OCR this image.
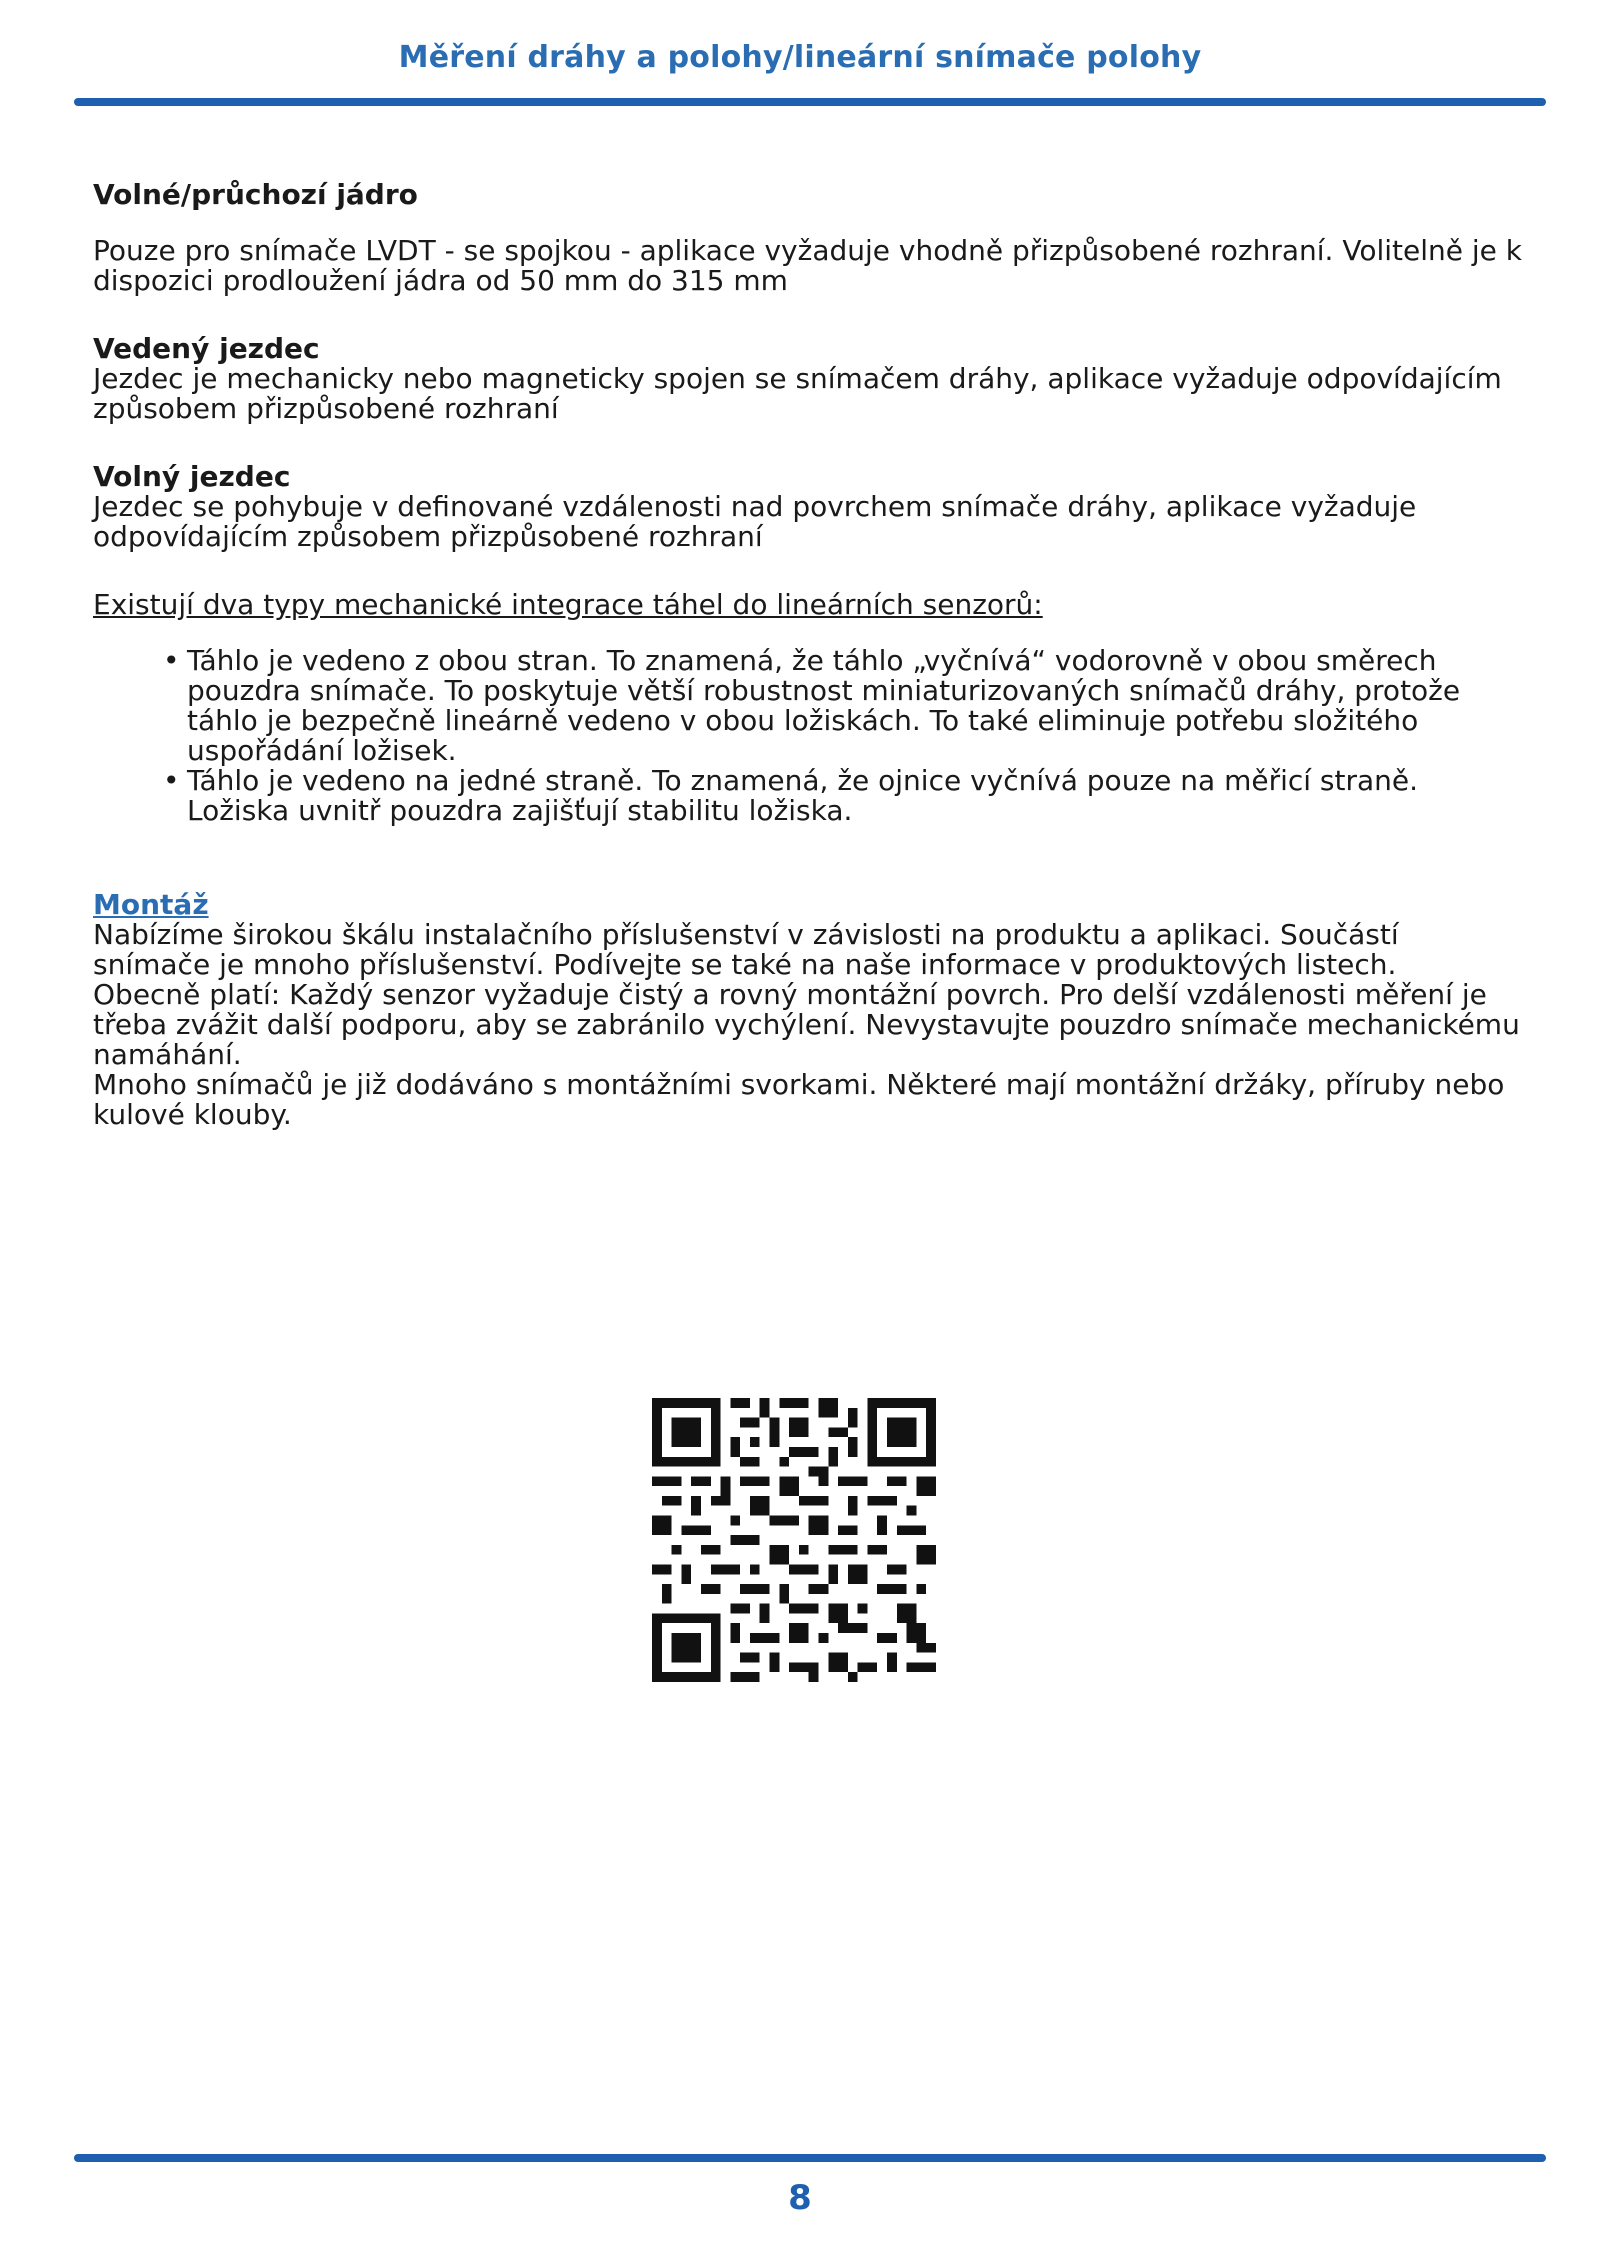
Měření dráhy a polohy/lineární snímače polohy

Volné/průchozí jádro

Pouze pro snímače LVDT - se spojkou - aplikace vyžaduje vhodně přizpůsobené rozhraní. Volitelně je k dispozici prodloužení jádra od 50 mm do 315 mm

Vedený jezdec

Jezdec je mechanicky nebo magneticky spojen se snímačem dráhy, aplikace vyžaduje odpovídajícím způsobem přizpůsobené rozhraní

Volný jezdec

Jezdec se pohybuje v definované vzdálenosti nad povrchem snímače dráhy, aplikace vyžaduje odpovídajícím způsobem přizpůsobené rozhraní

Existují dva typy mechanické integrace táhel do lineárních senzorů:

• Táhlo je vedeno z obou stran. To znamená, že táhlo „vyčnívá“ vodorovně v obou směrech pouzdra snímače. To poskytuje větší robustnost miniaturizovaných snímačů dráhy, protože táhlo je bezpečně lineárně vedeno v obou ložiskách. To také eliminuje potřebu složitého uspořádání ložisek.
• Táhlo je vedeno na jedné straně. To znamená, že ojnice vyčnívá pouze na měřicí straně. Ložiska uvnitř pouzdra zajišťují stabilitu ložiska.

Montáž

Nabízíme širokou škálu instalačního příslušenství v závislosti na produktu a aplikaci. Součástí snímače je mnoho příslušenství. Podívejte se také na naše informace v produktových listech.

Obecně platí: Každý senzor vyžaduje čistý a rovný montážní povrch. Pro delší vzdálenosti měření je třeba zvážit další podporu, aby se zabránilo vychýlení. Nevystavujte pouzdro snímače mechanickému namáhání.

Mnoho snímačů je již dodáváno s montážními svorkami. Některé mají montážní držáky, příruby nebo kulové klouby.

8
